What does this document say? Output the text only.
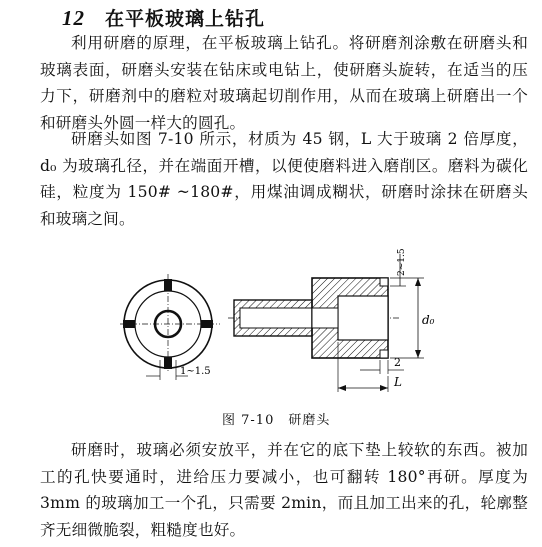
12 在平板玻璃上钻孔
利用研磨的原理，在平板玻璃上钻孔。将研磨剂涂敷在研磨头和玻璃表面，研磨头安装在钻床或电钻上，使研磨头旋转，在适当的压力下，研磨剂中的磨粒对玻璃起切削作用，从而在玻璃上研磨出一个和研磨头外圆一样大的圆孔。
研磨头如图 7-10 所示，材质为 45 钢，L 大于玻璃 2 倍厚度，d₀ 为玻璃孔径，并在端面开槽，以便使磨料进入磨削区。磨料为碳化硅，粒度为 150# ~180#，用煤油调成糊状，研磨时涂抹在研磨头和玻璃之间。
1~1.5
d₀
2~1.5
2
L
图 7-10 研磨头
研磨时，玻璃必须安放平，并在它的底下垫上较软的东西。被加工的孔快要通时，进给压力要减小，也可翻转 180°再研。厚度为 3mm 的玻璃加工一个孔，只需要 2min，而且加工出来的孔，轮廓整齐无细微脆裂，粗糙度也好。
